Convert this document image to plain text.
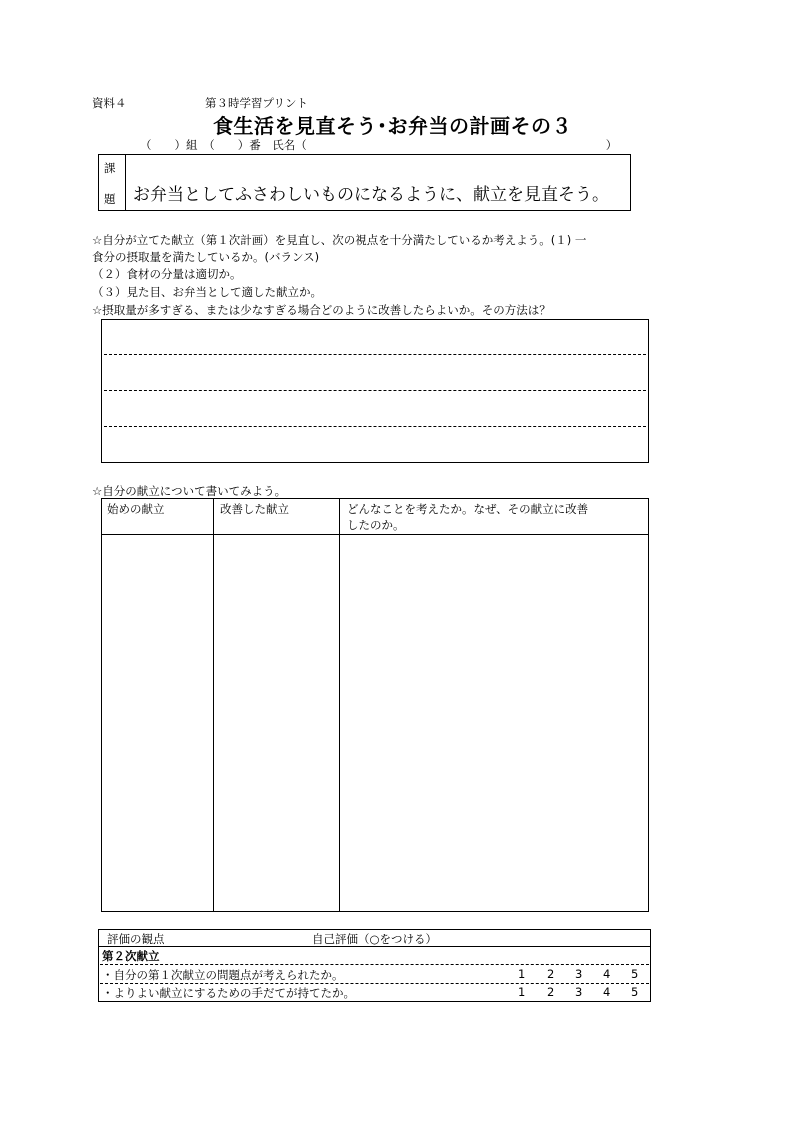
資料４	第３時学習プリント
食生活を見直そう･お弁当の計画その３
（　　）組　（　　）番　氏名（　　　　　　　　　　　　　　　　　　　　　　　　　　）
課
題 お弁当としてふさわしいものになるように、献立を見直そう。
☆自分が立てた献立（第１次計画）を見直し、次の視点を十分満たしているか考えよう。(１) 一
食分の摂取量を満たしているか。(バランス)
（２）食材の分量は適切か。
（３）見た目、お弁当として適した献立か。
☆摂取量が多すぎる、または少なすぎる場合どのように改善したらよいか。その方法は？
☆自分の献立について書いてみよう。
始めの献立	改善した献立	どんなことを考えたか。なぜ、その献立に改善
したのか。
評価の観点	自己評価（○をつける）
第２次献立
・自分の第１次献立の問題点が考えられたか。	1 2 3 4 5
・よりよい献立にするための手だてが持てたか。	1 2 3 4 5
